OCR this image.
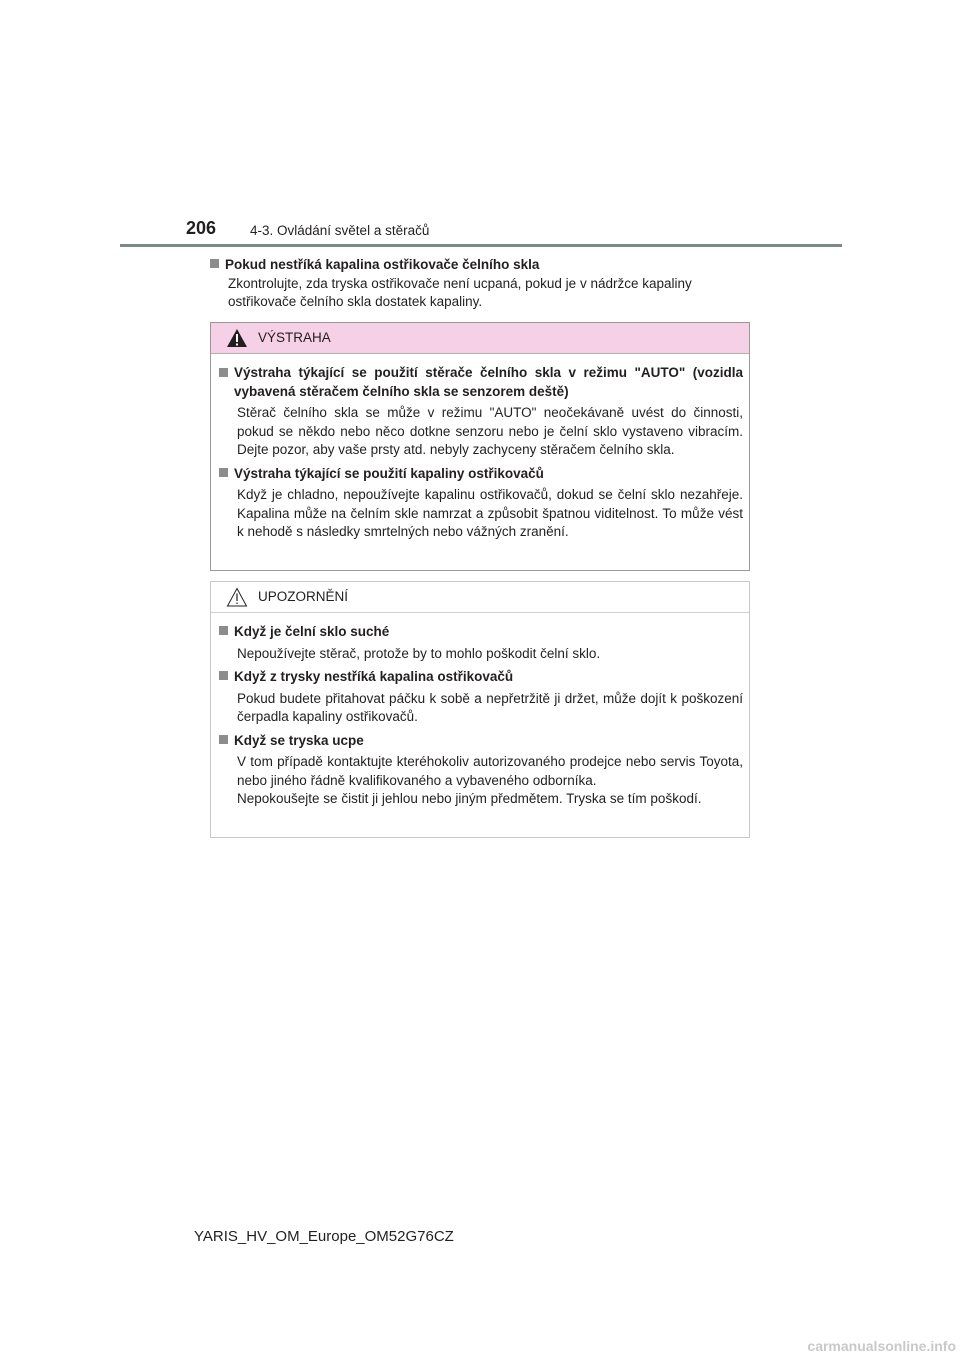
206	4-3. Ovládání světel a stěračů
Pokud nestříká kapalina ostřikovače čelního skla
Zkontrolujte, zda tryska ostřikovače není ucpaná, pokud je v nádržce kapaliny ostřikovače čelního skla dostatek kapaliny.
VÝSTRAHA
Výstraha týkající se použití stěrače čelního skla v režimu "AUTO" (vozidla vybavená stěračem čelního skla se senzorem deště)

Stěrač čelního skla se může v režimu "AUTO" neočekávaně uvést do činnosti, pokud se někdo nebo něco dotkne senzoru nebo je čelní sklo vystaveno vibracím. Dejte pozor, aby vaše prsty atd. nebyly zachyceny stěračem čelního skla.

Výstraha týkající se použití kapaliny ostřikovačů

Když je chladno, nepoužívejte kapalinu ostřikovačů, dokud se čelní sklo nezahřeje. Kapalina může na čelním skle namrzat a způsobit špatnou viditelnost. To může vést k nehodě s následky smrtelných nebo vážných zranění.

UPOZORNĚNÍ
Když je čelní sklo suché

Nepoužívejte stěrač, protože by to mohlo poškodit čelní sklo.

Když z trysky nestříká kapalina ostřikovačů

Pokud budete přitahovat páčku k sobě a nepřetržitě ji držet, může dojít k poškození čerpadla kapaliny ostřikovačů.

Když se tryska ucpe

V tom případě kontaktujte kteréhokoliv autorizovaného prodejce nebo servis Toyota, nebo jiného řádně kvalifikovaného a vybaveného odborníka.

Nepokoušejte se čistit ji jehlou nebo jiným předmětem. Tryska se tím poškodí.

YARIS_HV_OM_Europe_OM52G76CZ
carmanualsonline.info
